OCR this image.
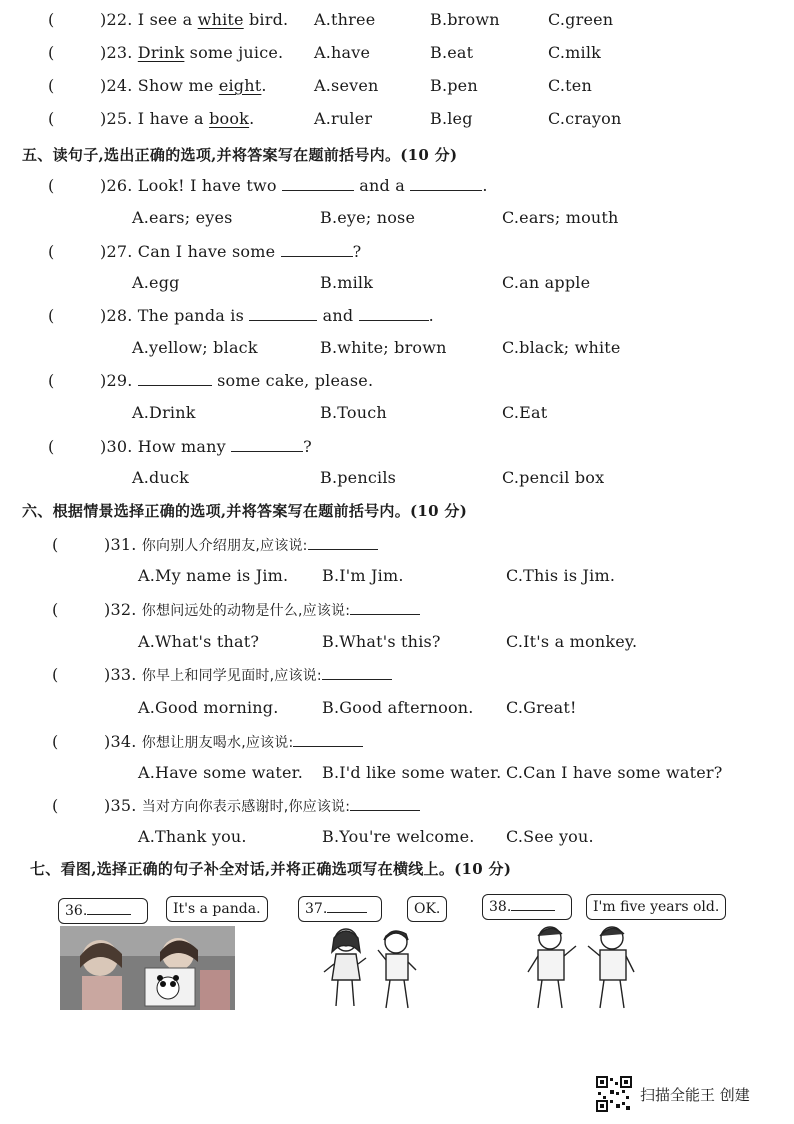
(	)22. I see a white bird. A.three	B.brown	C.green
(	)23. Drink some juice. A.have	B.eat	C.milk
(	)24. Show me eight.	A.seven	B.pen	C.ten
(	)25. I have a book.	A.ruler	B.leg	C.crayon
五、读句子,选出正确的选项,并将答案写在题前括号内。(10 分)
(	)26. Look! I have two	and a	.
A.ears; eyes	B.eye; nose	C.ears; mouth
(	)27. Can I have some	?
A.egg	B.milk	C.an apple
(	)28. The panda is	and	.
A.yellow; black	B.white; brown	C.black; white
(	)29.	some cake, please.
A.Drink	B.Touch	C.Eat
(	)30. How many	?
A.duck	B.pencils	C.pencil box
六、根据情景选择正确的选项,并将答案写在题前括号内。(10 分)
(	)31. 你向别人介绍朋友,应该说:
A.My name is Jim. B.I'm Jim.	C.This is Jim.
(	)32. 你想问远处的动物是什么,应该说:
A.What's that?	B.What's this?	C.It's a monkey.
(	)33. 你早上和同学见面时,应该说:
A.Good morning.	B.Good afternoon. C.Great!
(	)34. 你想让朋友喝水,应该说:
A.Have some water. B.I'd like some water. C.Can I have some water?
(	)35. 当对方向你表示感谢时,你应该说:
A.Thank you.	B.You're welcome. C.See you.
七、看图,选择正确的句子补全对话,并将正确选项写在横线上。(10 分)
36.	It's a panda.	37.	OK.	38.	I'm five years old.
扫描全能王 创建
